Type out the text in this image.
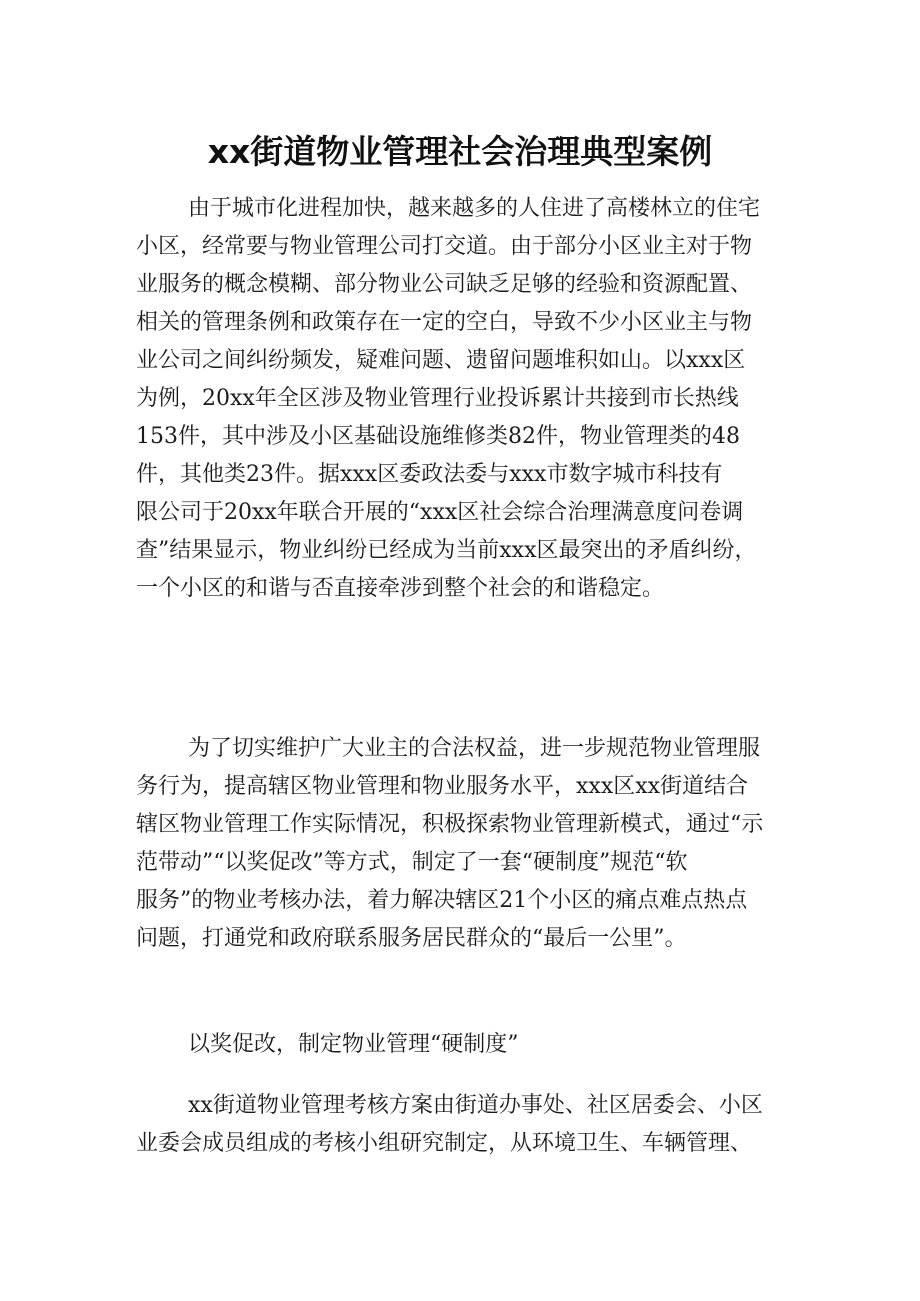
xx街道物业管理社会治理典型案例
由于城市化进程加快，越来越多的人住进了高楼林立的住宅
小区，经常要与物业管理公司打交道。由于部分小区业主对于物
业服务的概念模糊、部分物业公司缺乏足够的经验和资源配置、
相关的管理条例和政策存在一定的空白，导致不少小区业主与物
业公司之间纠纷频发，疑难问题、遗留问题堆积如山。以xxx区
为例，20xx年全区涉及物业管理行业投诉累计共接到市长热线
153件，其中涉及小区基础设施维修类82件，物业管理类的48
件，其他类23件。据xxx区委政法委与xxx市数字城市科技有
限公司于20xx年联合开展的“xxx区社会综合治理满意度问卷调
查”结果显示，物业纠纷已经成为当前xxx区最突出的矛盾纠纷，
一个小区的和谐与否直接牵涉到整个社会的和谐稳定。
为了切实维护广大业主的合法权益，进一步规范物业管理服
务行为，提高辖区物业管理和物业服务水平，xxx区xx街道结合
辖区物业管理工作实际情况，积极探索物业管理新模式，通过“示
范带动”“以奖促改”等方式，制定了一套“硬制度”规范“软
服务”的物业考核办法，着力解决辖区21个小区的痛点难点热点
问题，打通党和政府联系服务居民群众的“最后一公里”。
以奖促改，制定物业管理“硬制度”
xx街道物业管理考核方案由街道办事处、社区居委会、小区
业委会成员组成的考核小组研究制定，从环境卫生、车辆管理、
